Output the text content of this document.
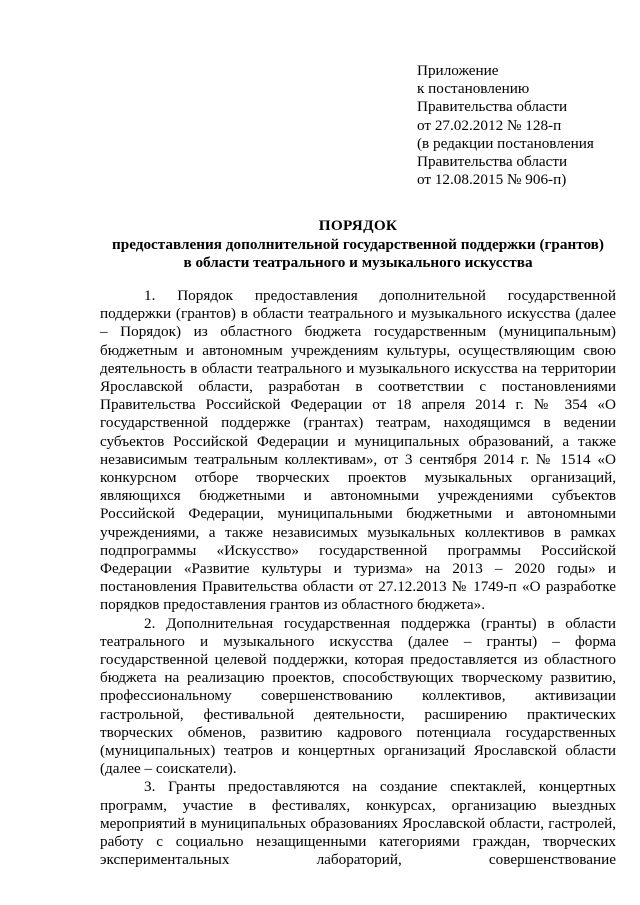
Приложение
к постановлению
Правительства области
от 27.02.2012 № 128-п
(в редакции постановления
Правительства области
от 12.08.2015 № 906-п)
ПОРЯДОК
предоставления дополнительной государственной поддержки (грантов)
в области театрального и музыкального искусства

1. Порядок предоставления дополнительной государственной поддержки (грантов) в области театрального и музыкального искусства (далее – Порядок) из областного бюджета государственным (муниципальным) бюджетным и автономным учреждениям культуры, осуществляющим свою деятельность в области театрального и музыкального искусства на территории Ярославской области, разработан в соответствии с постановлениями Правительства Российской Федерации от 18 апреля 2014 г. № 354 «О государственной поддержке (грантах) театрам, находящимся в ведении субъектов Российской Федерации и муниципальных образований, а также независимым театральным коллективам», от 3 сентября 2014 г. № 1514 «О конкурсном отборе творческих проектов музыкальных организаций, являющихся бюджетными и автономными учреждениями субъектов Российской Федерации, муниципальными бюджетными и автономными учреждениями, а также независимых музыкальных коллективов в рамках подпрограммы «Искусство» государственной программы Российской Федерации «Развитие культуры и туризма» на 2013 – 2020 годы» и постановления Правительства области от 27.12.2013 № 1749-п «О разработке порядков предоставления грантов из областного бюджета».

2. Дополнительная государственная поддержка (гранты) в области театрального и музыкального искусства (далее – гранты) – форма государственной целевой поддержки, которая предоставляется из областного бюджета на реализацию проектов, способствующих творческому развитию, профессиональному совершенствованию коллективов, активизации гастрольной, фестивальной деятельности, расширению практических творческих обменов, развитию кадрового потенциала государственных (муниципальных) театров и концертных организаций Ярославской области (далее – соискатели).

3. Гранты предоставляются на создание спектаклей, концертных программ, участие в фестивалях, конкурсах, организацию выездных мероприятий в муниципальных образованиях Ярославской области, гастролей, работу с социально незащищенными категориями граждан, творческих экспериментальных лабораторий, совершенствование
